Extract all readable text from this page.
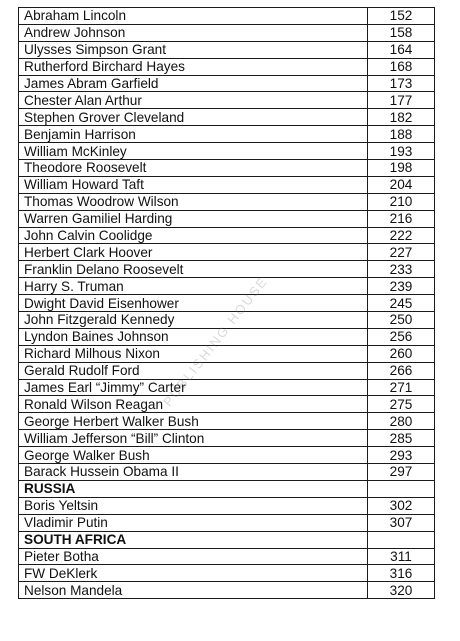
Abraham Lincoln	152
Andrew Johnson	158
Ulysses Simpson Grant	164
Rutherford Birchard Hayes	168
James Abram Garfield	173
Chester Alan Arthur	177
Stephen Grover Cleveland	182
Benjamin Harrison	188
William McKinley	193
Theodore Roosevelt	198
William Howard Taft	204
Thomas Woodrow Wilson	210
Warren Gamiliel Harding	216
John Calvin Coolidge	222
Herbert Clark Hoover	227
Franklin Delano Roosevelt	233
Harry S. Truman	239
Dwight David Eisenhower	245
John Fitzgerald Kennedy	250
Lyndon Baines Johnson	256
Richard Milhous Nixon	260
Gerald Rudolf Ford	266
James Earl “Jimmy” Carter	271
Ronald Wilson Reagan	275
George Herbert Walker Bush	280
William Jefferson “Bill” Clinton	285
George Walker Bush	293
Barack Hussein Obama II	297
RUSSIA	
Boris Yeltsin	302
Vladimir Putin	307
SOUTH AFRICA	
Pieter Botha	311
FW DeKlerk	316
Nelson Mandela	320
PUBLISHING HOUSE
